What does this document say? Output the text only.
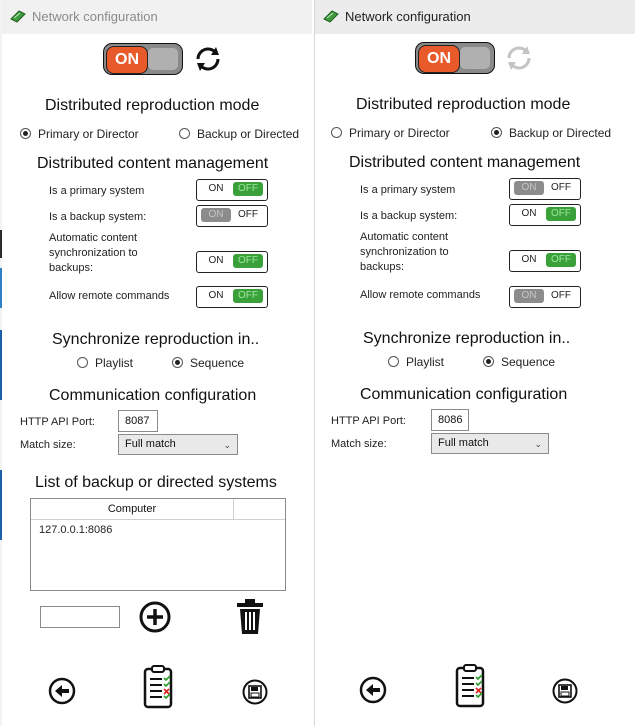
Network configuration
ON
Distributed reproduction mode
Primary or Director	Backup or Directed
Distributed content management
Is a primary system	ON	OFF
Is a backup system:	ON	OFF
Automatic content
synchronization to
backups:
ON	OFF
Allow remote commands	ON	OFF
Synchronize reproduction in..
Playlist	Sequence
Communication configuration
HTTP API Port:	8087
Match size:	Full match	⌄
List of backup or directed systems
Computer
127.0.0.1:8086
Network configuration
ON
Distributed reproduction mode
Primary or Director	Backup or Directed
Distributed content management
Is a primary system	ON	OFF
Is a backup system:	ON	OFF
Automatic content
synchronization to
backups:
ON	OFF
Allow remote commands	ON	OFF
Synchronize reproduction in..
Playlist	Sequence
Communication configuration
HTTP API Port:	8086
Match size:	Full match	⌄
